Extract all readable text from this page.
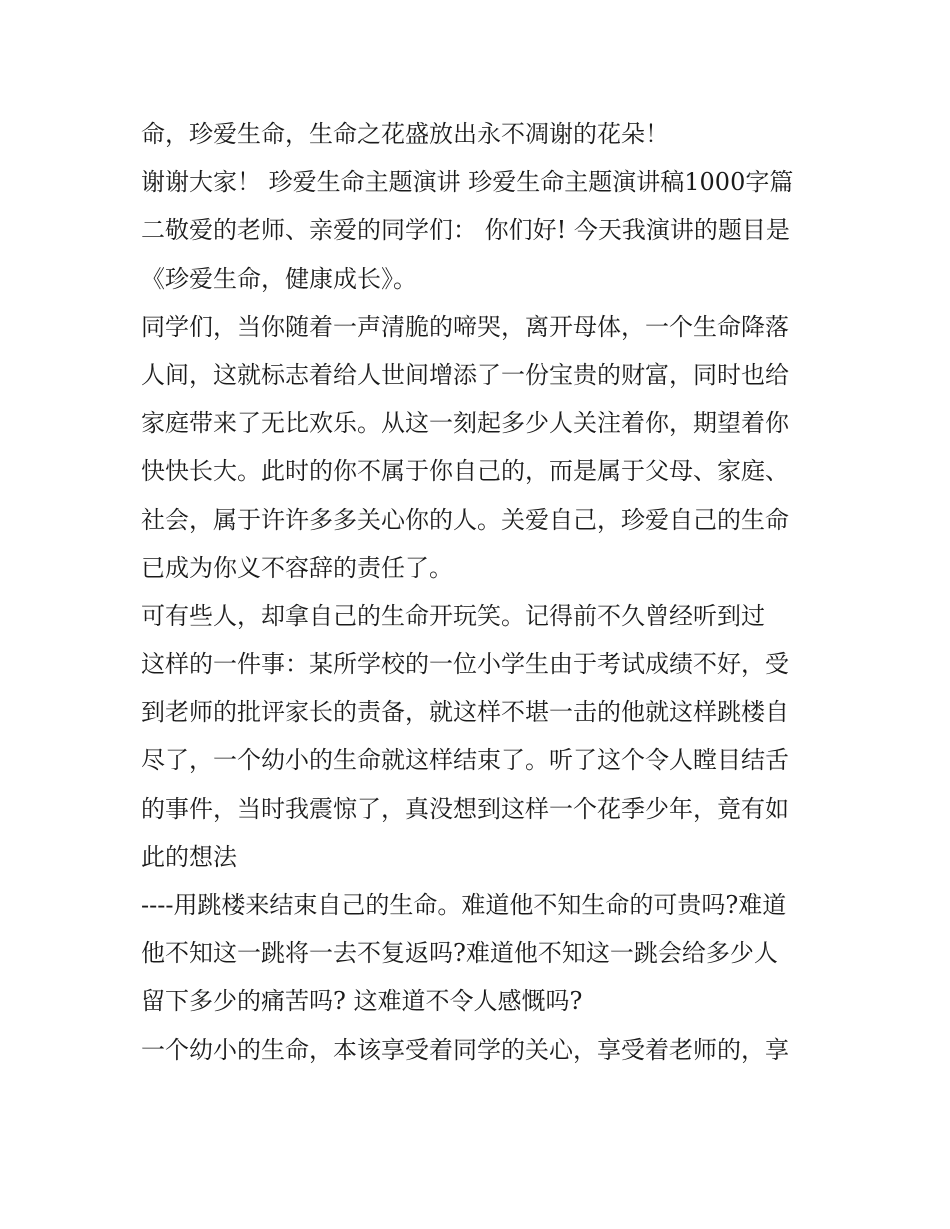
命，珍爱生命，生命之花盛放出永不凋谢的花朵！
谢谢大家！ 珍爱生命主题演讲 珍爱生命主题演讲稿1000字篇
二敬爱的老师、亲爱的同学们： 你们好! 今天我演讲的题目是
《珍爱生命，健康成长》。
同学们，当你随着一声清脆的啼哭，离开母体，一个生命降落
人间，这就标志着给人世间增添了一份宝贵的财富，同时也给
家庭带来了无比欢乐。从这一刻起多少人关注着你，期望着你
快快长大。此时的你不属于你自己的，而是属于父母、家庭、
社会，属于许许多多关心你的人。关爱自己，珍爱自己的生命
已成为你义不容辞的责任了。
可有些人，却拿自己的生命开玩笑。记得前不久曾经听到过
这样的一件事：某所学校的一位小学生由于考试成绩不好，受
到老师的批评家长的责备，就这样不堪一击的他就这样跳楼自
尽了，一个幼小的生命就这样结束了。听了这个令人瞠目结舌
的事件，当时我震惊了，真没想到这样一个花季少年，竟有如
此的想法
----用跳楼来结束自己的生命。难道他不知生命的可贵吗?难道
他不知这一跳将一去不复返吗?难道他不知这一跳会给多少人
留下多少的痛苦吗? 这难道不令人感慨吗?
一个幼小的生命，本该享受着同学的关心，享受着老师的，享
